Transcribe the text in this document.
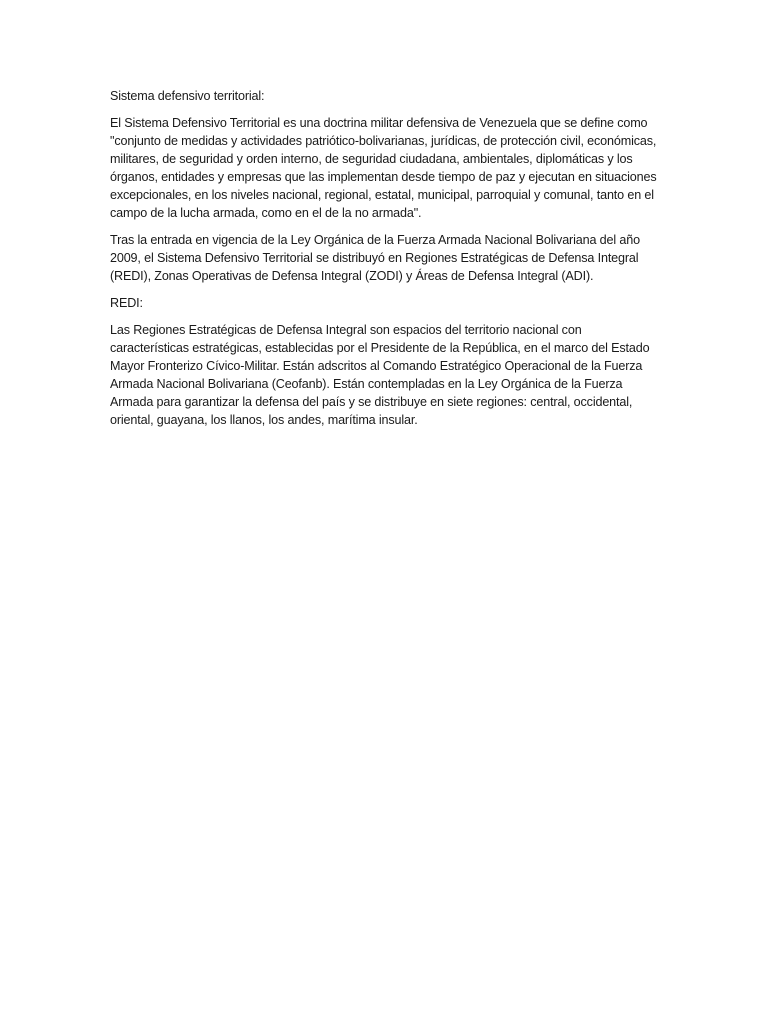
Sistema defensivo territorial:

El Sistema Defensivo Territorial es una doctrina militar defensiva de Venezuela que se define como "conjunto de medidas y actividades patriótico-bolivarianas, jurídicas, de protección civil, económicas, militares, de seguridad y orden interno, de seguridad ciudadana, ambientales, diplomáticas y los órganos, entidades y empresas que las implementan desde tiempo de paz y ejecutan en situaciones excepcionales, en los niveles nacional, regional, estatal, municipal, parroquial y comunal, tanto en el campo de la lucha armada, como en el de la no armada".

Tras la entrada en vigencia de la Ley Orgánica de la Fuerza Armada Nacional Bolivariana del año 2009, el Sistema Defensivo Territorial se distribuyó en Regiones Estratégicas de Defensa Integral (REDI), Zonas Operativas de Defensa Integral (ZODI) y Áreas de Defensa Integral (ADI).

REDI:

Las Regiones Estratégicas de Defensa Integral son espacios del territorio nacional con características estratégicas, establecidas por el Presidente de la República, en el marco del Estado Mayor Fronterizo Cívico-Militar. Están adscritos al Comando Estratégico Operacional de la Fuerza Armada Nacional Bolivariana (Ceofanb). Están contempladas en la Ley Orgánica de la Fuerza Armada para garantizar la defensa del país y se distribuye en siete regiones: central, occidental, oriental, guayana, los llanos, los andes, marítima insular.
